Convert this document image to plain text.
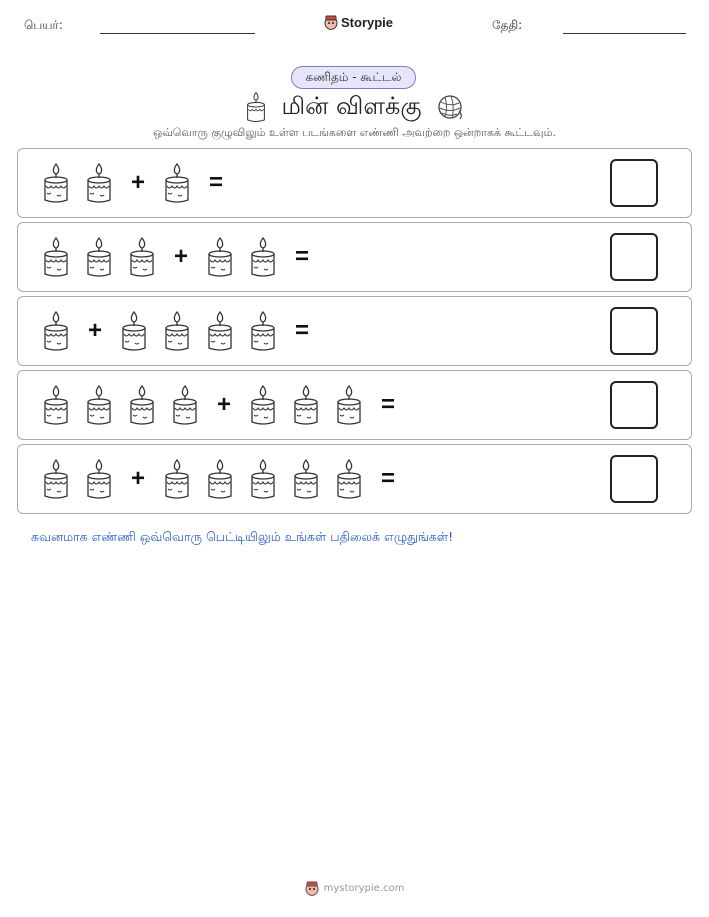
பெயர்:	Storypie	தேதி:
கணிதம் - கூட்டல்
மின் விளக்கு
ஒவ்வொரு குழுவிலும் உள்ள படங்களை எண்ணி அவற்றை ஒன்றாகக் கூட்டவும்.
+	=
+	=
+	=
+	=
+	=
கவனமாக எண்ணி ஒவ்வொரு பெட்டியிலும் உங்கள் பதிலைக் எழுதுங்கள்!
mystorypie.com
